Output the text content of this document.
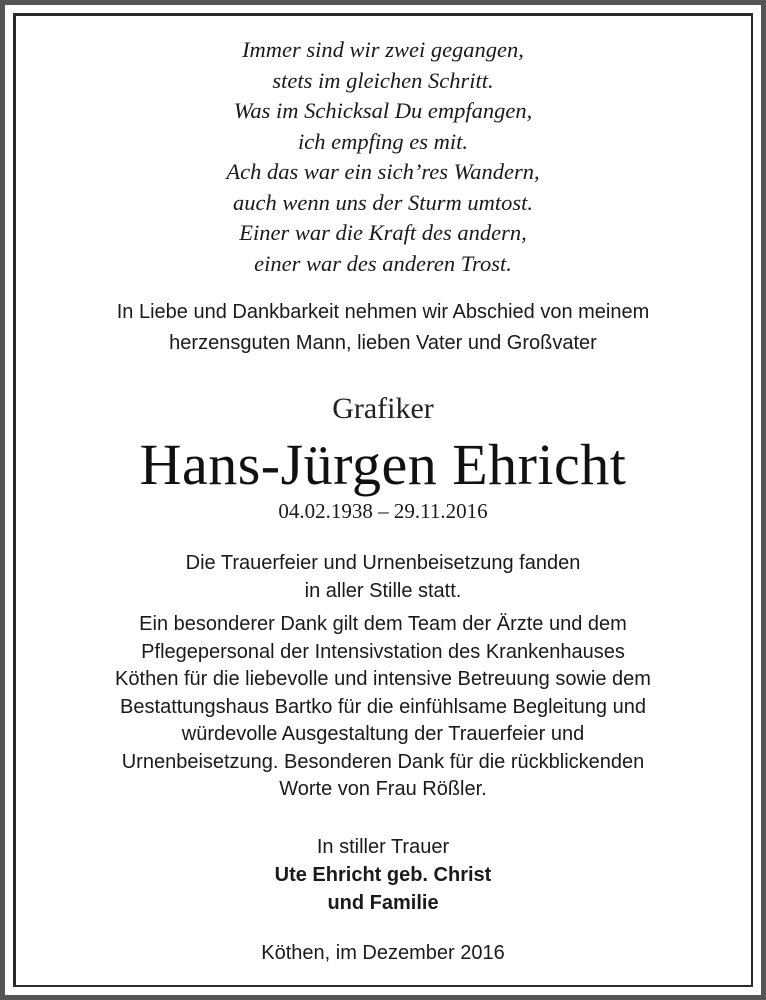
Immer sind wir zwei gegangen,
stets im gleichen Schritt.
Was im Schicksal Du empfangen,
ich empfing es mit.
Ach das war ein sich’res Wandern,
auch wenn uns der Sturm umtost.
Einer war die Kraft des andern,
einer war des anderen Trost.
In Liebe und Dankbarkeit nehmen wir Abschied von meinem
herzensguten Mann, lieben Vater und Großvater
Grafiker
Hans-Jürgen Ehricht
04.02.1938 – 29.11.2016
Die Trauerfeier und Urnenbeisetzung fanden
in aller Stille statt.
Ein besonderer Dank gilt dem Team der Ärzte und dem
Pflegepersonal der Intensivstation des Krankenhauses
Köthen für die liebevolle und intensive Betreuung sowie dem
Bestattungshaus Bartko für die einfühlsame Begleitung und
würdevolle Ausgestaltung der Trauerfeier und
Urnenbeisetzung. Besonderen Dank für die rückblickenden
Worte von Frau Rößler.
In stiller Trauer
Ute Ehricht geb. Christ
und Familie
Köthen, im Dezember 2016
